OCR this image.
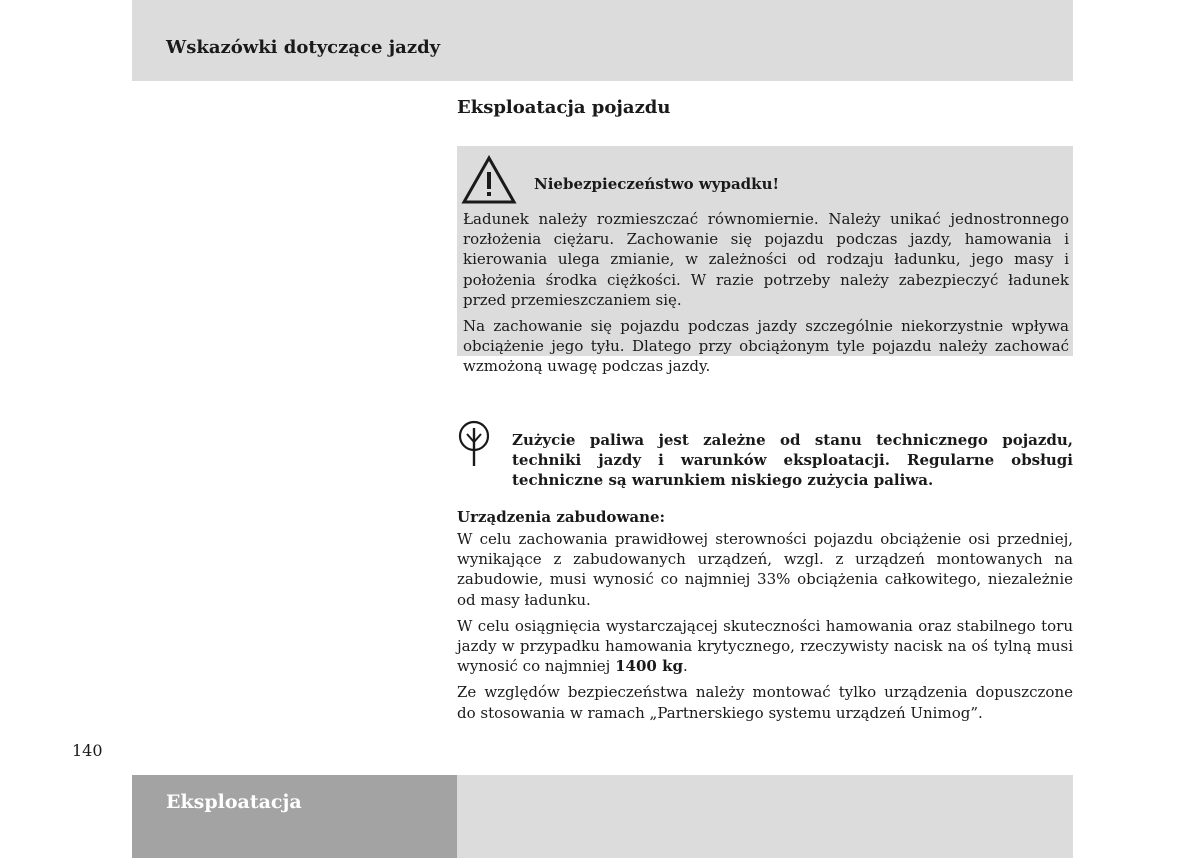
Wskazówki dotyczące jazdy
Eksploatacja pojazdu

Niebezpieczeństwo wypadku!

Ładunek należy rozmieszczać równomiernie. Należy unikać jednostronnego rozłożenia ciężaru. Zachowanie się pojazdu podczas jazdy, hamowania i kierowania ulega zmianie, w zależności od rodzaju ładunku, jego masy i położenia środka ciężkości. W razie potrzeby należy zabezpieczyć ładunek przed przemieszczaniem się.

Na zachowanie się pojazdu podczas jazdy szczególnie niekorzystnie wpływa obciążenie jego tyłu. Dlatego przy obciążonym tyle pojazdu należy zachować wzmożoną uwagę podczas jazdy.

Zużycie paliwa jest zależne od stanu technicznego pojazdu, techniki jazdy i warunków eksploatacji. Regularne obsługi techniczne są warunkiem niskiego zużycia paliwa.

Urządzenia zabudowane:

W celu zachowania prawidłowej sterowności pojazdu obciążenie osi przedniej, wynikające z zabudowanych urządzeń, wzgl. z urządzeń montowanych na zabudowie, musi wynosić co najmniej 33% obciążenia całkowitego, niezależnie od masy ładunku.

W celu osiągnięcia wystarczającej skuteczności hamowania oraz stabilnego toru jazdy w przypadku hamowania krytycznego, rzeczywisty nacisk na oś tylną musi wynosić co najmniej 1400 kg.

Ze względów bezpieczeństwa należy montować tylko urządzenia dopuszczone do stosowania w ramach „Partnerskiego systemu urządzeń Unimog”.

140

Eksploatacja
